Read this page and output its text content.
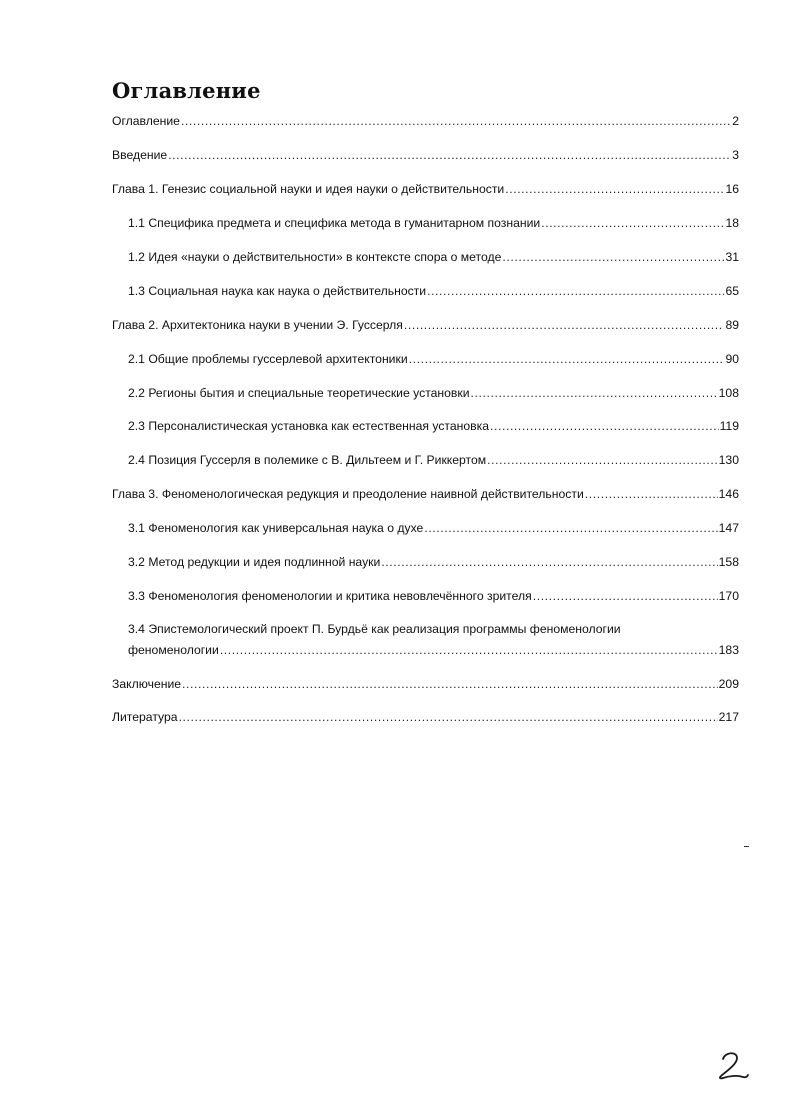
Оглавление
Оглавление .....	2
Введение .....	3
Глава 1. Генезис социальной науки и идея науки о действительности .....	16
1.1 Специфика предмета и специфика метода в гуманитарном познании .....	18
1.2 Идея «науки о действительности» в контексте спора о методе .....	31
1.3 Социальная наука как наука о действительности .....	65
Глава 2. Архитектоника науки в учении Э. Гуссерля .....	89
2.1 Общие проблемы гуссерлевой архитектоники .....	90
2.2 Регионы бытия и специальные теоретические установки .....	108
2.3 Персоналистическая установка как естественная установка .....	119
2.4 Позиция Гуссерля в полемике с В. Дильтеем и Г. Риккертом .....	130
Глава 3. Феноменологическая редукция и преодоление наивной действительности .....	146
3.1 Феноменология как универсальная наука о духе .....	147
3.2 Метод редукции и идея подлинной науки .....	158
3.3 Феноменология феноменологии и критика невовлечённого зрителя .....	170
3.4 Эпистемологический проект П. Бурдьё как реализация программы феноменологии
феноменологии .....	183
Заключение .....	209
Литература .....	217
